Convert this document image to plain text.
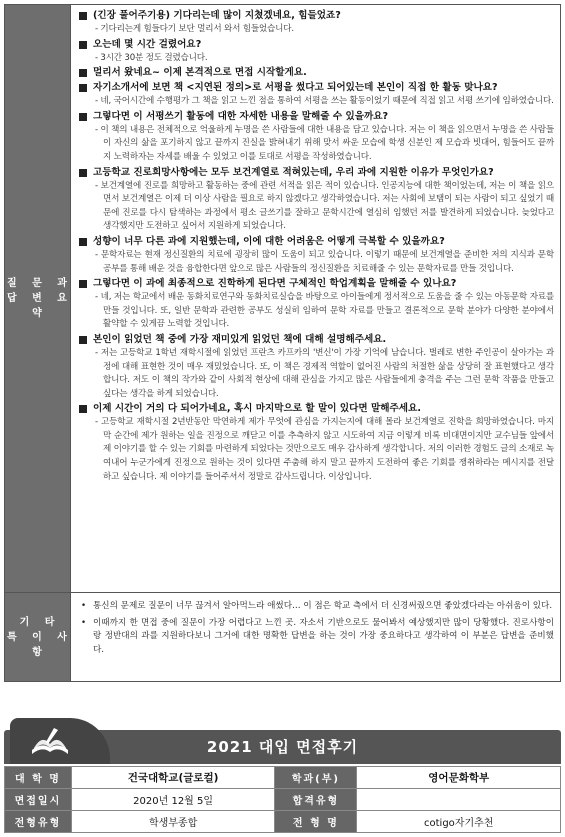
질 문 과
답 변 요 약
(긴장 풀어주기용) 기다리는데 많이 지쳤겠네요, 힘들었죠?
- 기다리는게 힘들다기 보단 멀리서 와서 힘들었습니다.
오는데 몇 시간 걸렸어요?
- 3시간 30분 정도 걸렸습니다.
멀리서 왔네요~ 이제 본격적으로 면접 시작할게요.
자기소개서에 보면 책 <지연된 정의>로 서평을 썼다고 되어있는데 본인이 직접 한 활동 맞나요?
- 네, 국어시간에 수행평가 그 책을 읽고 느낀 점을 통하여 서평을 쓰는 활동이었기 때문에 직접 읽고 서평 쓰기에 임하였습니다.
그렇다면 이 서평쓰기 활동에 대한 자세한 내용을 말해줄 수 있을까요?
- 이 책의 내용은 전체적으로 억울하게 누명을 쓴 사람들에 대한 내용을 담고 있습니다. 저는 이 책을 읽으면서 누명을 쓴 사람들이 자신의 삶을 포기하지 않고 끝까지 진실을 밝혀내기 위해 맞서 싸운 모습에 학생 신분인 제 모습과 빗대어, 힘들어도 끝까지 노력하자는 자세를 배울 수 있었고 이를 토대로 서평을 작성하였습니다.
고등학교 진로희망사항에는 모두 보건계열로 적혀있는데, 우리 과에 지원한 이유가 무엇인가요?
- 보건계열에 진로를 희망하고 활동하는 중에 관련 서적을 읽은 적이 있습니다. 인공지능에 대한 책이었는데, 저는 이 책을 읽으면서 보건계열은 이제 더 이상 사람을 필요로 하지 않겠다고 생각하였습니다. 저는 사회에 보탬이 되는 사람이 되고 싶었기 때문에 진로를 다시 탐색하는 과정에서 평소 글쓰기를 잘하고 문학시간에 열심히 임했던 저를 발견하게 되었습니다. 늦었다고 생각했지만 도전하고 싶어서 지원하게 되었습니다.
성향이 너무 다른 과에 지원했는데, 이에 대한 어려움은 어떻게 극복할 수 있을까요?
- 문학자료는 현재 정신질환의 치료에 굉장히 많이 도움이 되고 있습니다. 이렇기 때문에 보건계열을 준비한 저의 지식과 문학공부를 통해 배운 것을 융합한다면 앞으로 많은 사람들의 정신질환을 치료해줄 수 있는 문학자료를 만들 것입니다.
그렇다면 이 과에 최종적으로 진학하게 된다면 구체적인 학업계획을 말해줄 수 있나요?
- 네, 저는 학교에서 배운 동화치료연구와 동화치료실습을 바탕으로 아이들에게 정서적으로 도움을 줄 수 있는 아동문학 자료를 만들 것입니다. 또, 일반 문학과 관련한 공부도 성실히 임하여 문학 자료를 만들고 결론적으로 문학 분야가 다양한 분야에서 활약할 수 있게끔 노력할 것입니다.
본인이 읽었던 책 중에 가장 재미있게 읽었던 책에 대해 설명해주세요.
- 저는 고등학교 1학년 재학시절에 읽었던 프란츠 카프카의 '변신'이 가장 기억에 남습니다. 벌레로 변한 주인공이 살아가는 과정에 대해 표현한 것이 매우 재밌었습니다. 또, 이 책은 경제적 역할이 없어진 사람의 처절한 삶을 상당히 잘 표현했다고 생각합니다. 저도 이 책의 작가와 같이 사회적 현상에 대해 관심을 가지고 많은 사람들에게 충격을 주는 그런 문학 작품을 만들고 싶다는 생각을 하게 되었습니다.
이제 시간이 거의 다 되어가네요, 혹시 마지막으로 할 말이 있다면 말해주세요.
- 고등학교 재학시절 2년반동안 막연하게 제가 무엇에 관심을 가지는지에 대해 몰라 보건계열로 진학을 희망하였습니다. 마지막 순간에 제가 원하는 일을 진정으로 깨닫고 이를 추측하지 않고 시도하여 지금 이렇게 비록 비대면이지만 교수님들 앞에서 제 이야기를 할 수 있는 기회를 마련하게 되었다는 것만으로도 매우 감사하게 생각합니다. 저의 이러한 경험도 글의 소재로 녹여내어 누군가에게 진정으로 원하는 것이 있다면 주춤해 하지 말고 끝까지 도전하여 좋은 기회를 쟁취하라는 메시지를 전달하고 싶습니다. 제 이야기를 들어주셔서 정말로 감사드립니다. 이상입니다.
기 타
특 이 사 항
• 통신의 문제로 질문이 너무 끊겨서 알아먹느라 애썼다… 이 점은 학교 측에서 더 신경써줬으면 좋았겠다라는 아쉬움이 있다.
• 이때까지 한 면접 중에 질문이 가장 어렵다고 느낀 곳. 자소서 기반으로도 물어봐서 예상했지만 많이 당황했다. 진로사항이랑 정반대의 과를 지원하다보니 그거에 대한 명확한 답변을 하는 것이 가장 중요하다고 생각하여 이 부분은 답변을 준비했다.
2021 대입 면접후기
대 학 명	건국대학교(글로컬)	학과(부)	영어문화학부
면접일시	2020년 12월 5일	합격유형	
전형유형	학생부종합	전 형 명	cotigo자기추천
